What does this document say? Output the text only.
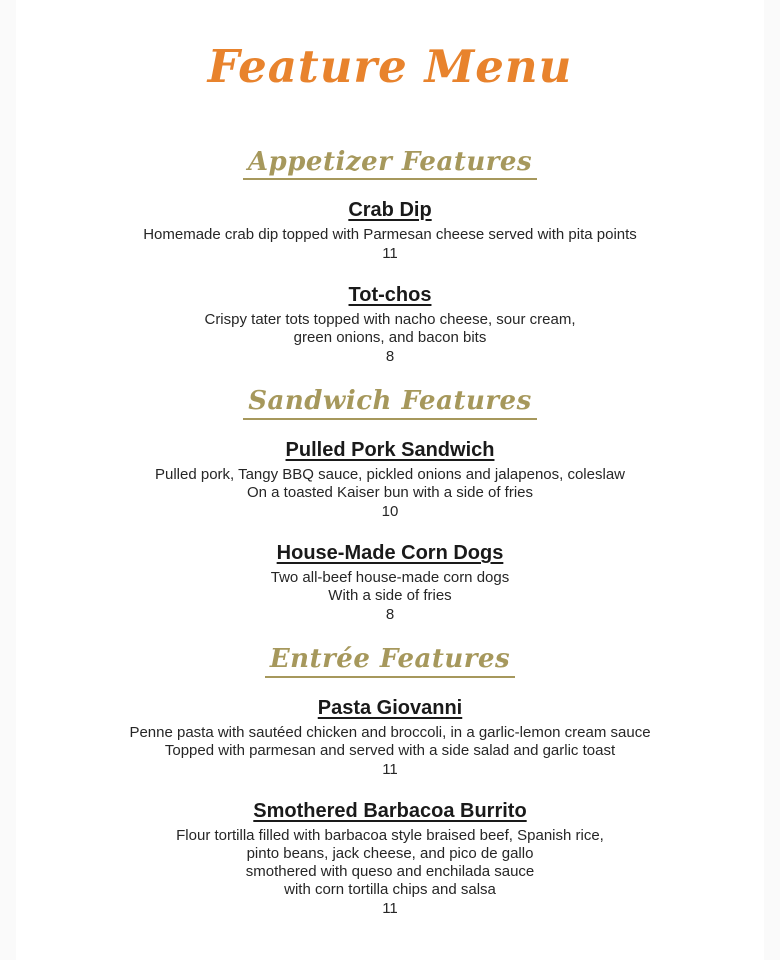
Feature Menu
Appetizer Features
Crab Dip
Homemade crab dip topped with Parmesan cheese served with pita points
11
Tot-chos
Crispy tater tots topped with nacho cheese, sour cream,
green onions, and bacon bits
8
Sandwich Features
Pulled Pork Sandwich
Pulled pork, Tangy BBQ sauce, pickled onions and jalapenos, coleslaw
On a toasted Kaiser bun with a side of fries
10
House-Made Corn Dogs
Two all-beef house-made corn dogs
With a side of fries
8
Entrée Features
Pasta Giovanni
Penne pasta with sautéed chicken and broccoli, in a garlic-lemon cream sauce
Topped with parmesan and served with a side salad and garlic toast
11
Smothered Barbacoa Burrito
Flour tortilla filled with barbacoa style braised beef, Spanish rice,
pinto beans, jack cheese, and pico de gallo
smothered with queso and enchilada sauce
with corn tortilla chips and salsa
11
